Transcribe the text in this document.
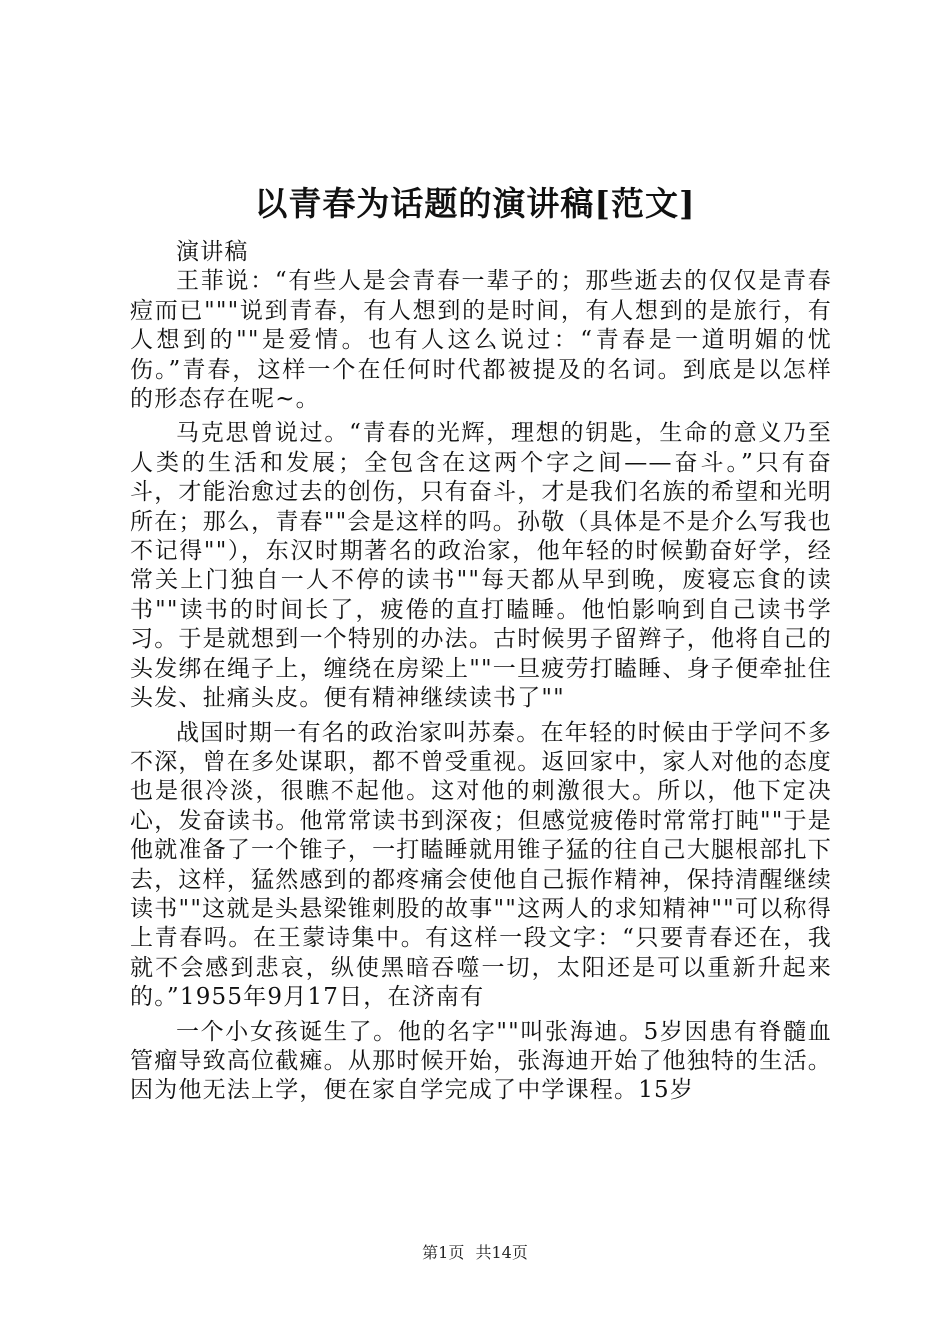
以青春为话题的演讲稿[范文]

演讲稿

王菲说：“有些人是会青春一辈子的；那些逝去的仅仅是青春痘而已"""说到青春，有人想到的是时间，有人想到的是旅行，有人想到的""是爱情。也有人这么说过：“青春是一道明媚的忧伤。”青春，这样一个在任何时代都被提及的名词。到底是以怎样的形态存在呢~。

马克思曾说过。“青春的光辉，理想的钥匙，生命的意义乃至人类的生活和发展；全包含在这两个字之间——奋斗。”只有奋斗，才能治愈过去的创伤，只有奋斗，才是我们名族的希望和光明所在；那么，青春""会是这样的吗。孙敬（具体是不是介么写我也不记得""），东汉时期著名的政治家，他年轻的时候勤奋好学，经常关上门独自一人不停的读书""每天都从早到晚，废寝忘食的读书""读书的时间长了，疲倦的直打瞌睡。他怕影响到自己读书学习。于是就想到一个特别的办法。古时候男子留辫子，他将自己的头发绑在绳子上，缠绕在房梁上""一旦疲劳打瞌睡、身子便牵扯住头发、扯痛头皮。便有精神继续读书了""

战国时期一有名的政治家叫苏秦。在年轻的时候由于学问不多不深，曾在多处谋职，都不曾受重视。返回家中，家人对他的态度也是很冷淡，很瞧不起他。这对他的刺激很大。所以，他下定决心，发奋读书。他常常读书到深夜；但感觉疲倦时常常打盹""于是他就准备了一个锥子，一打瞌睡就用锥子猛的往自己大腿根部扎下去，这样，猛然感到的都疼痛会使他自己振作精神，保持清醒继续读书""这就是头悬梁锥刺股的故事""这两人的求知精神""可以称得上青春吗。在王蒙诗集中。有这样一段文字：“只要青春还在，我就不会感到悲哀，纵使黑暗吞噬一切，太阳还是可以重新升起来的。”1955年9月17日，在济南有

一个小女孩诞生了。他的名字""叫张海迪。5岁因患有脊髓血管瘤导致高位截瘫。从那时候开始，张海迪开始了他独特的生活。因为他无法上学，便在家自学完成了中学课程。15岁

第1页 共14页
